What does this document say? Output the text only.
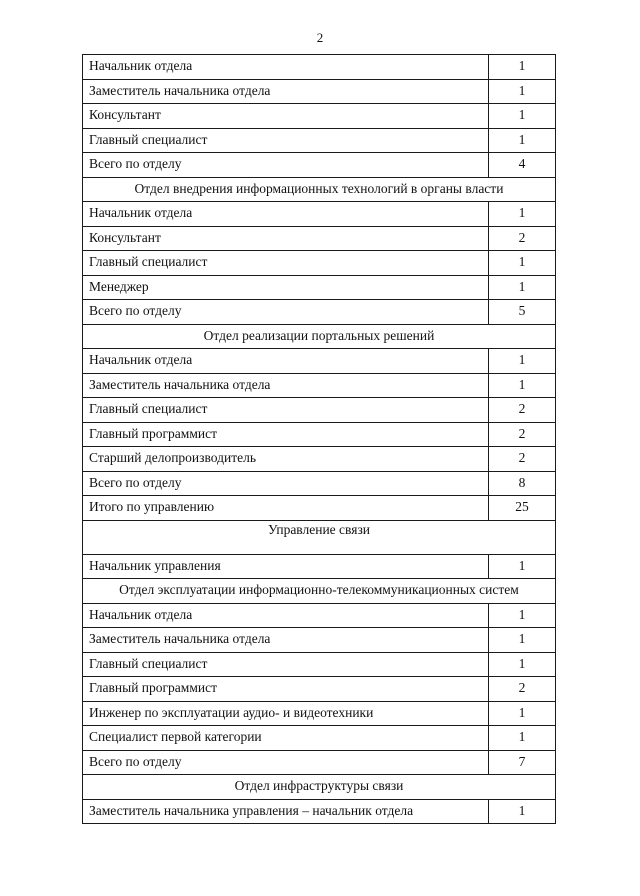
2
Начальник отдела	1
Заместитель начальника отдела	1
Консультант	1
Главный специалист	1
Всего по отделу	4
Отдел внедрения информационных технологий в органы власти	
Начальник отдела	1
Консультант	2
Главный специалист	1
Менеджер	1
Всего по отделу	5
Отдел реализации портальных решений	
Начальник отдела	1
Заместитель начальника отдела	1
Главный специалист	2
Главный программист	2
Старший делопроизводитель	2
Всего по отделу	8
Итого по управлению	25
Управление связи	
Начальник управления	1
Отдел эксплуатации информационно-телекоммуникационных систем	
Начальник отдела	1
Заместитель начальника отдела	1
Главный специалист	1
Главный программист	2
Инженер по эксплуатации аудио- и видеотехники	1
Специалист первой категории	1
Всего по отделу	7
Отдел инфраструктуры связи	
Заместитель начальника управления – начальник отдела	1
